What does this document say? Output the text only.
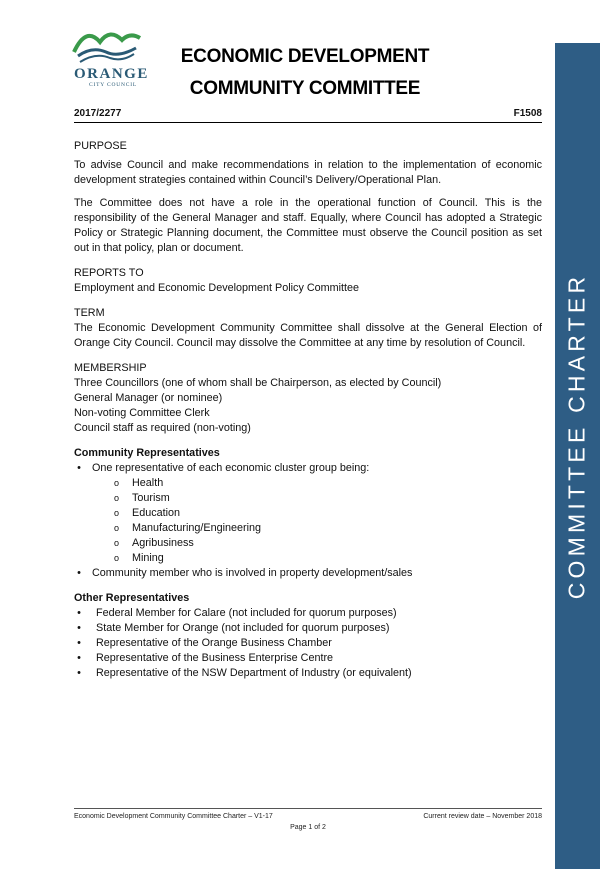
ORANGE
CITY COUNCIL
ECONOMIC DEVELOPMENT
COMMUNITY COMMITTEE
2017/2277	F1508
PURPOSE

To advise Council and make recommendations in relation to the implementation of economic development strategies contained within Council’s Delivery/Operational Plan.

The Committee does not have a role in the operational function of Council. This is the responsibility of the General Manager and staff. Equally, where Council has adopted a Strategic Policy or Strategic Planning document, the Committee must observe the Council position as set out in that policy, plan or document.

REPORTS TO

Employment and Economic Development Policy Committee

TERM

The Economic Development Community Committee shall dissolve at the General Election of Orange City Council. Council may dissolve the Committee at any time by resolution of Council.

MEMBERSHIP
Three Councillors (one of whom shall be Chairperson, as elected by Council)
General Manager (or nominee)
Non-voting Committee Clerk
Council staff as required (non-voting)
Community Representatives
• One representative of each economic cluster group being:
o Health
o Tourism
o Education
o Manufacturing/Engineering
o Agribusiness
o Mining
• Community member who is involved in property development/sales
Other Representatives
• Federal Member for Calare (not included for quorum purposes)
• State Member for Orange (not included for quorum purposes)
• Representative of the Orange Business Chamber
• Representative of the Business Enterprise Centre
• Representative of the NSW Department of Industry (or equivalent)
COMMITTEE CHARTER
Economic Development Community Committee Charter – V1-17	Current review date – November 2018
Page 1 of 2
